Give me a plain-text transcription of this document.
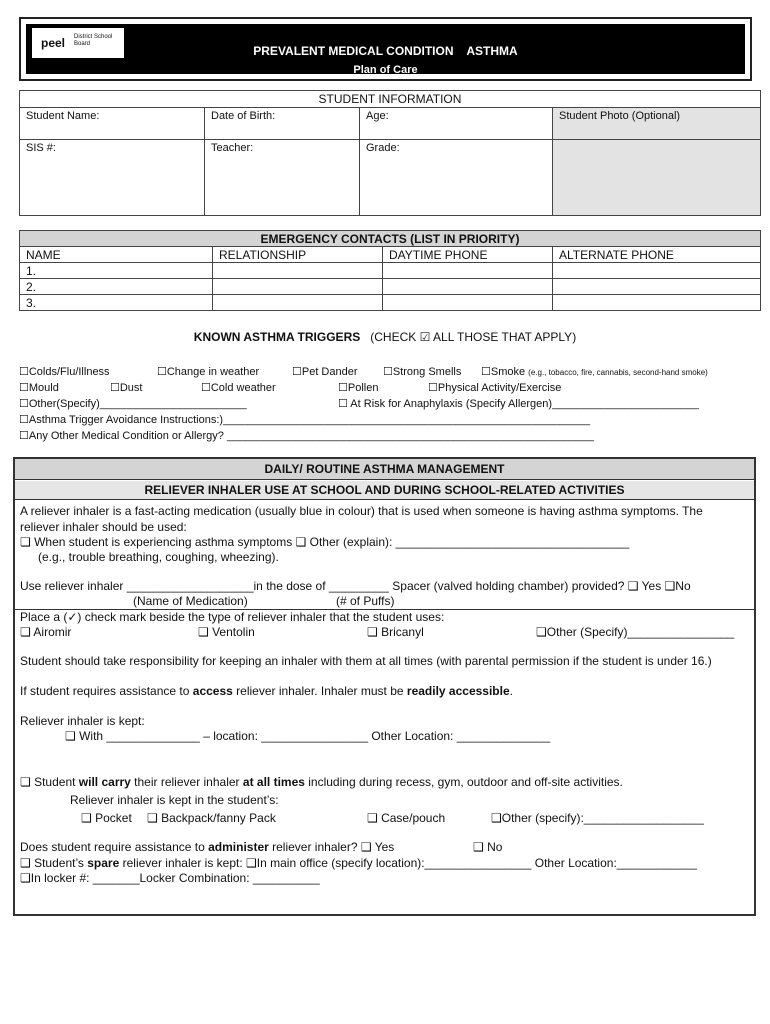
peel District School Board	PREVALENT MEDICAL CONDITION    ASTHMA
Plan of Care
STUDENT INFORMATION			
Student Name:	Date of Birth:	Age:	Student Photo (Optional)
SIS #:	Teacher:	Grade:	
EMERGENCY CONTACTS (LIST IN PRIORITY)			
NAME	RELATIONSHIP	DAYTIME PHONE	ALTERNATE PHONE
1.			
2.			
3.			
KNOWN ASTHMA TRIGGERS (CHECK ☑ ALL THOSE THAT APPLY)
☐Colds/Flu/Illness	☐Change in weather	☐Pet Dander ☐Strong Smells ☐Smoke (e.g., tobacco, fire, cannabis, second-hand smoke)
☐Mould	☐Dust	☐Cold weather	☐Pollen	☐Physical Activity/Exercise
☐Other(Specify)________________________	☐ At Risk for Anaphylaxis (Specify Allergen)________________________
☐Asthma Trigger Avoidance Instructions:)____________________________________________________________
☐Any Other Medical Condition or Allergy? ____________________________________________________________
DAILY/ ROUTINE ASTHMA MANAGEMENT
RELIEVER INHALER USE AT SCHOOL AND DURING SCHOOL-RELATED ACTIVITIES
A reliever inhaler is a fast-acting medication (usually blue in colour) that is used when someone is having asthma symptoms. The
reliever inhaler should be used:
❑ When student is experiencing asthma symptoms ❑ Other (explain): ___________________________________
(e.g., trouble breathing, coughing, wheezing).
Use reliever inhaler ___________________in the dose of _________ Spacer (valved holding chamber) provided? ❑ Yes ❑No
(Name of Medication)	(# of Puffs)
Place a (✓) check mark beside the type of reliever inhaler that the student uses:
❑ Airomir	❑ Ventolin	❑ Bricanyl	❑Other (Specify)________________
Student should take responsibility for keeping an inhaler with them at all times (with parental permission if the student is under 16.)
If student requires assistance to access reliever inhaler. Inhaler must be readily accessible.
Reliever inhaler is kept:
❑ With ______________ – location: ________________ Other Location: ______________
❑ Student will carry their reliever inhaler at all times including during recess, gym, outdoor and off-site activities.
Reliever inhaler is kept in the student’s:
❑ Pocket ❑ Backpack/fanny Pack	❑ Case/pouch	❑Other (specify):__________________
Does student require assistance to administer reliever inhaler? ❑ Yes	❑ No
❑ Student’s spare reliever inhaler is kept: ❑In main office (specify location):________________ Other Location:____________
❑In locker #: _______Locker Combination: __________
